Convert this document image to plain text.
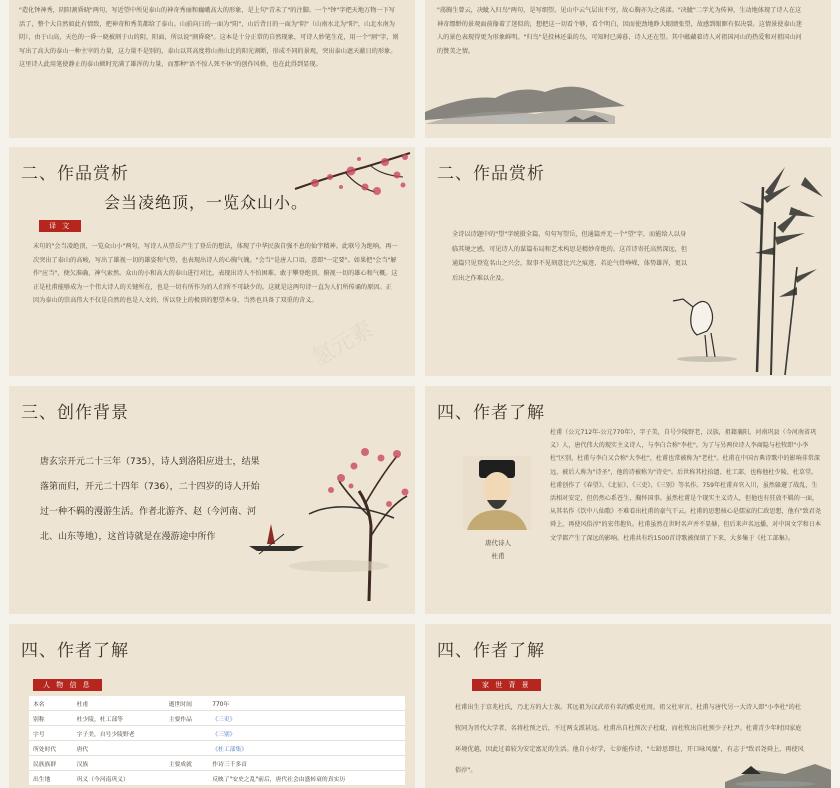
"造化钟神秀，阴阳割昏晓"两句，写近望中所见泰山的神奇秀丽和巍峨高大的形象，是上句"青未了"的注脚。一个"钟"字把天地万物一下写活了，整个大自然如此有情致，把神奇和秀美都给了泰山。山前向日的一面为"阳"，山后背日的一面为"阴"（山南水北为"阳"，山北水南为阴），由于山高，天色的一昏一晓被割于山的阴、阳面，所以说"割昏晓"。这本是十分正常的自然现象，可诗人妙笔生花，用一个"割"字，则写出了高大的泰山一种主宰的力量，这力量不是别的，泰山以其高度将山南山北的阳光割断，形成不同的景观，突出泰山遮天蔽日的形象。这里诗人此用笔使静止的泰山顿时充满了雄浑的力量，而那种"语不惊人死不休"的创作风格，也在此得到显现。
"荡胸生曾云，决眦入归鸟"两句，是写细望。见山中云气层出不穷，故心胸亦为之荡漾。"决眦"二字尤为传神，生动地体现了诗人在这神奇缥缈的景观面前像着了迷似的，想把这一切看个够，看个明白，因而使劲地睁大眼睛张望，故感到眼眶有似决裂。这情景使泰山迷人的景色表现得更为形象鲜明。"归鸟"是投林还巢的鸟，可知时已薄暮，诗人还在望。其中蕴藏着诗人对祖国河山的热爱和对祖国山河的赞美之情。
二、作品赏析
会当凌绝顶，一览众山小。
译 文
末句的"会当凌绝顶，一览众山小"两句，写诗人从望岳产生了登岳的想法，体现了中华民族自强不息的仙宇精神。此联号为绝响，再一次突出了泰山的高峻，写出了雄视一切的雄姿和气势，也表现出诗人的心胸气魄。"会当"是唐人口语，意即"一定要"。如果把"会当"解作"应当"，便欠准确，神气索然。众山的小和高大的泰山进行对比，表现出诗人不怕困难、敢于攀登绝顶、俯视一切的雄心和气概。这正是杜甫能够成为一个伟大诗人的关键所在，也是一切有所作为的人们所不可缺少的。这就是这两句诗一直为人们所传诵的原因。正因为泰山的崇高伟大不仅是自然的也是人文的，所以登上的极顶的想望本身，当然也具备了双重的含义。
氢元素
二、作品赏析
全诗以诗题中的"望"字统摄全篇，句句写望岳，但通篇并无一个"望"字，而能给人以身临其境之感，可见诗人的谋篇布局和艺术构思是精妙奇绝的。这首诗寄托高然深远，但通篇只见登览名山之兴会，叙事不见刻意比兴之痕迹，若论气骨峥嵘，体势雄浑，更以后出之作难以企及。
三、创作背景
唐玄宗开元二十三年（735），诗人到洛阳应进士，结果落第而归，开元二十四年（736），二十四岁的诗人开始过一种不羁的漫游生活。作者北游齐、赵（今河南、河北、山东等地），这首诗就是在漫游途中所作
四、作者了解
唐代诗人
杜甫
杜甫（公元712年-公元770年），字子美，自号少陵野老，汉族，祖籍襄阳，河南巩县（今河南省巩义）人，唐代伟大的现实主义诗人，与李白合称"李杜"。为了与另两位诗人李商隐与杜牧即"小李杜"区别，杜甫与李白又合称"大李杜"，杜甫也常被称为"老杜"。杜甫在中国古典诗歌中的影响非常深远，被后人称为"诗圣"，他的诗被称为"诗史"。后世称其杜拾遗、杜工部，也称他杜少陵、杜草堂。杜甫创作了《春望》、《北征》、《三吏》、《三别》等名作。759年杜甫弃官入川，虽然躲避了战乱，生活相对安定，但仍然心系苍生，胸怀国事。虽然杜甫是个现实主义诗人，但他也有狂放不羁的一面，从其名作《饮中八仙歌》不难看出杜甫的豪气干云。杜甫的思想核心是儒家的仁政思想，他有"致君尧舜上，再使风俗淳"的宏伟抱负。杜甫虽然在世时名声并不显赫，但后来声名远播，对中国文学和日本文学都产生了深远的影响。杜甫共有约1500首诗歌被保留了下来，大多集于《杜工部集》。
四、作者了解
人 物 信 息
本名	杜甫	逝世时间	770年
别称	杜少陵，杜工部等	主要作品	《三吏》
字号	字子美，自号少陵野老		《三别》
所处时代	唐代		《杜工部集》
民族族群	汉族	主要成就	作诗三千多首
出生地	巩义（今河南巩义）		反映了"安史之乱"前后，唐代社会由盛转衰的真实历
四、作者了解
家 世 背 景
杜甫出生于京兆杜氏，乃北方的大士族。其远祖为汉武帝有名的酷吏杜周，祖父杜审言，杜甫与唐代另一大诗人即"小李杜"的杜牧同为晋代大学者、名将杜预之后，不过两支派甚远。杜甫出自杜预次子杜耽，而杜牧出自杜预少子杜尹。杜甫青少年时因家庭环境优越，因此过着较为安定富足的生活。他自小好学，七岁能作诗，"七龄思即壮，开口咏凤凰"，有志于"致君尧舜上，再使风俗淳"。
